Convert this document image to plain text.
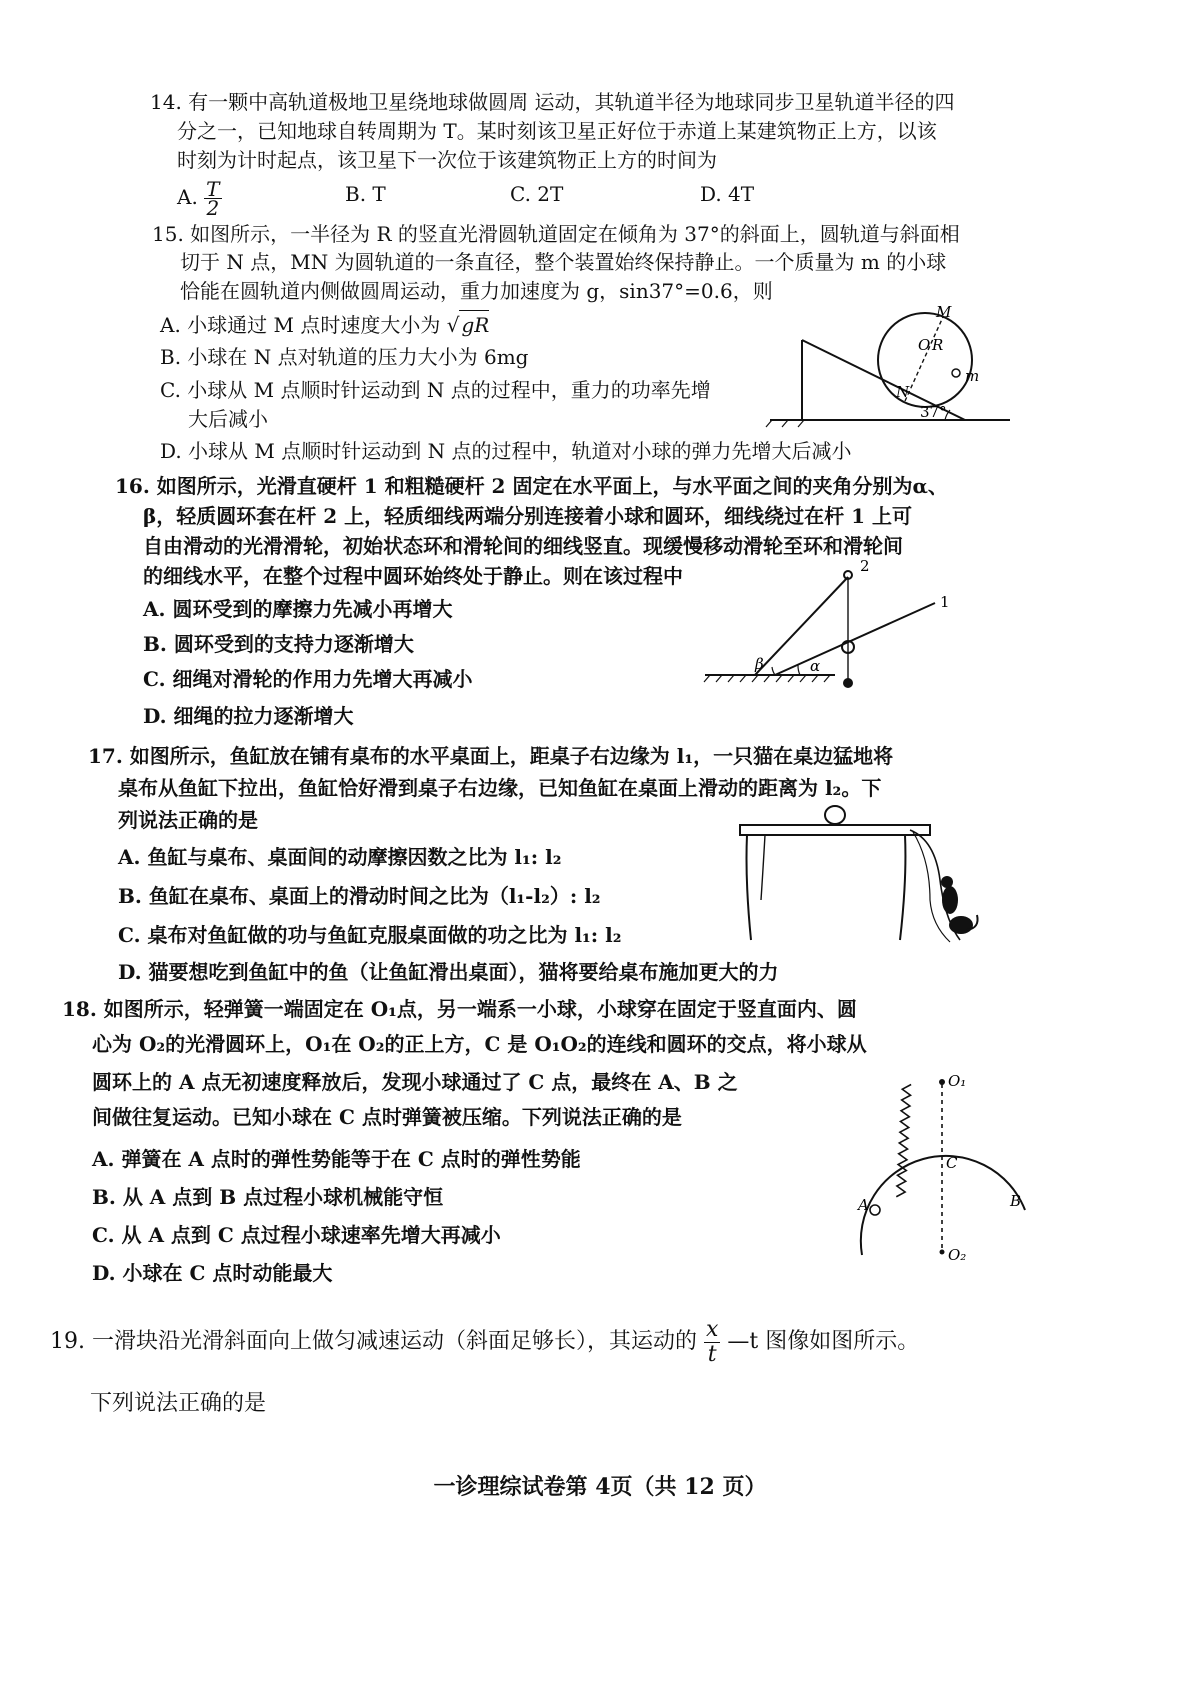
14. 有一颗中高轨道极地卫星绕地球做圆周 运动，其轨道半径为地球同步卫星轨道半径的四
分之一，已知地球自转周期为 T。某时刻该卫星正好位于赤道上某建筑物正上方，以该
时刻为计时起点，该卫星下一次位于该建筑物正上方的时间为
A. $\frac{T}{2}$	B. T	C. 2T	D. 4T
15. 如图所示，一半径为 R 的竖直光滑圆轨道固定在倾角为 37°的斜面上，圆轨道与斜面相
切于 N 点，MN 为圆轨道的一条直径，整个装置始终保持静止。一个质量为 m 的小球
恰能在圆轨道内侧做圆周运动，重力加速度为 g，sin37°=0.6，则
A. 小球通过 M 点时速度大小为 √ gR
B. 小球在 N 点对轨道的压力大小为 6mg
C. 小球从 M 点顺时针运动到 N 点的过程中，重力的功率先增
大后减小
D. 小球从 M 点顺时针运动到 N 点的过程中，轨道对小球的弹力先增大后减小
M
O R
N
m
37°
16. 如图所示，光滑直硬杆 1 和粗糙硬杆 2 固定在水平面上，与水平面之间的夹角分别为α、
β，轻质圆环套在杆 2 上，轻质细线两端分别连接着小球和圆环，细线绕过在杆 1 上可
自由滑动的光滑滑轮，初始状态环和滑轮间的细线竖直。现缓慢移动滑轮至环和滑轮间
的细线水平，在整个过程中圆环始终处于静止。则在该过程中
A. 圆环受到的摩擦力先减小再增大
B. 圆环受到的支持力逐渐增大
C. 细绳对滑轮的作用力先增大再减小
D. 细绳的拉力逐渐增大
2
1
β	α
17. 如图所示，鱼缸放在铺有桌布的水平桌面上，距桌子右边缘为 l₁，一只猫在桌边猛地将
桌布从鱼缸下拉出，鱼缸恰好滑到桌子右边缘，已知鱼缸在桌面上滑动的距离为 l₂。下
列说法正确的是
A. 鱼缸与桌布、桌面间的动摩擦因数之比为 l₁: l₂
B. 鱼缸在桌布、桌面上的滑动时间之比为（l₁-l₂）: l₂
C. 桌布对鱼缸做的功与鱼缸克服桌面做的功之比为 l₁: l₂
D. 猫要想吃到鱼缸中的鱼（让鱼缸滑出桌面），猫将要给桌布施加更大的力
18. 如图所示，轻弹簧一端固定在 O₁点，另一端系一小球，小球穿在固定于竖直面内、圆
心为 O₂的光滑圆环上，O₁在 O₂的正上方，C 是 O₁O₂的连线和圆环的交点，将小球从
圆环上的 A 点无初速度释放后，发现小球通过了 C 点，最终在 A、B 之
间做往复运动。已知小球在 C 点时弹簧被压缩。下列说法正确的是
A. 弹簧在 A 点时的弹性势能等于在 C 点时的弹性势能
B. 从 A 点到 B 点过程小球机械能守恒
C. 从 A 点到 C 点过程小球速率先增大再减小
D. 小球在 C 点时动能最大
O₁
C
A	B
O₂
19. 一滑块沿光滑斜面向上做匀减速运动（斜面足够长），其运动的 $\frac{x}{t}$ —t 图像如图所示。
下列说法正确的是
一诊理综试卷第 4页（共 12 页）
